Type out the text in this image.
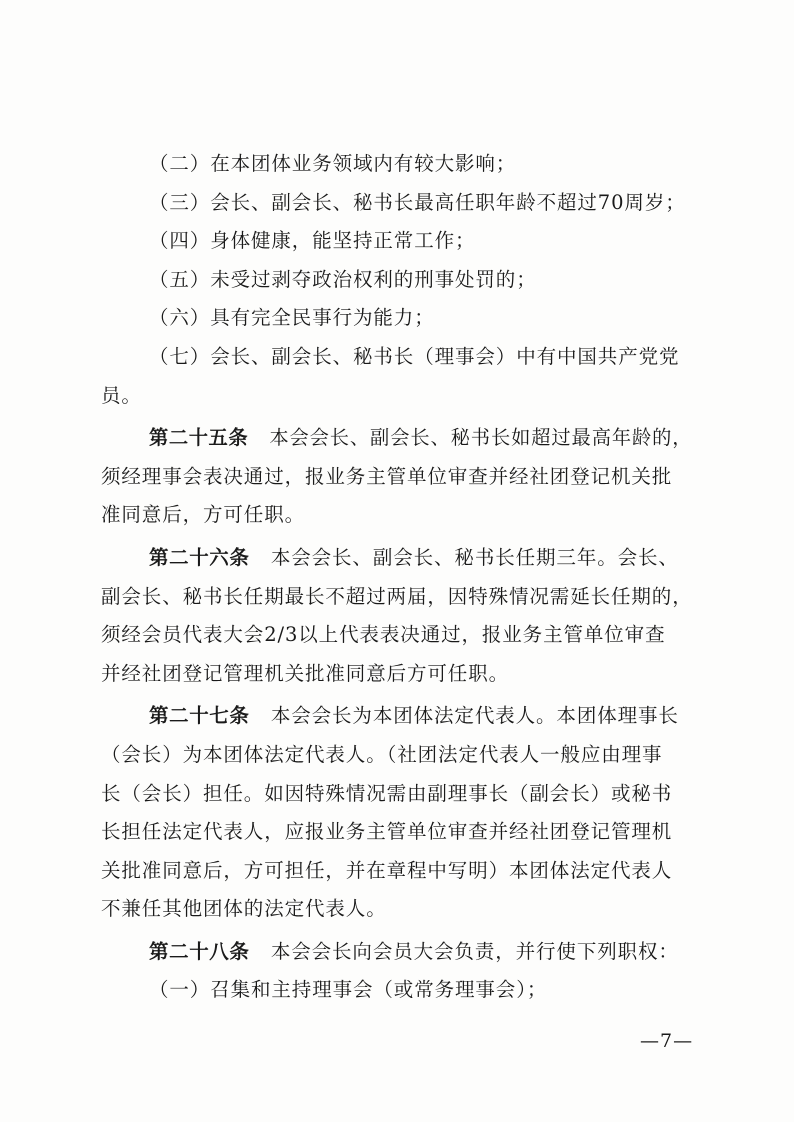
（二）在本团体业务领域内有较大影响；

（三）会长、副会长、秘书长最高任职年龄不超过70周岁；

（四）身体健康，能坚持正常工作；

（五）未受过剥夺政治权利的刑事处罚的；

（六）具有完全民事行为能力；

（七）会长、副会长、秘书长（理事会）中有中国共产党党

员。

第二十五条 本会会长、副会长、秘书长如超过最高年龄的，

须经理事会表决通过，报业务主管单位审查并经社团登记机关批

准同意后，方可任职。

第二十六条 本会会长、副会长、秘书长任期三年。会长、

副会长、秘书长任期最长不超过两届，因特殊情况需延长任期的，

须经会员代表大会2/3以上代表表决通过，报业务主管单位审查

并经社团登记管理机关批准同意后方可任职。

第二十七条 本会会长为本团体法定代表人。本团体理事长

（会长）为本团体法定代表人。（社团法定代表人一般应由理事

长（会长）担任。如因特殊情况需由副理事长（副会长）或秘书

长担任法定代表人，应报业务主管单位审查并经社团登记管理机

关批准同意后，方可担任，并在章程中写明）本团体法定代表人

不兼任其他团体的法定代表人。

第二十八条 本会会长向会员大会负责，并行使下列职权：

（一）召集和主持理事会（或常务理事会）；

—7—
